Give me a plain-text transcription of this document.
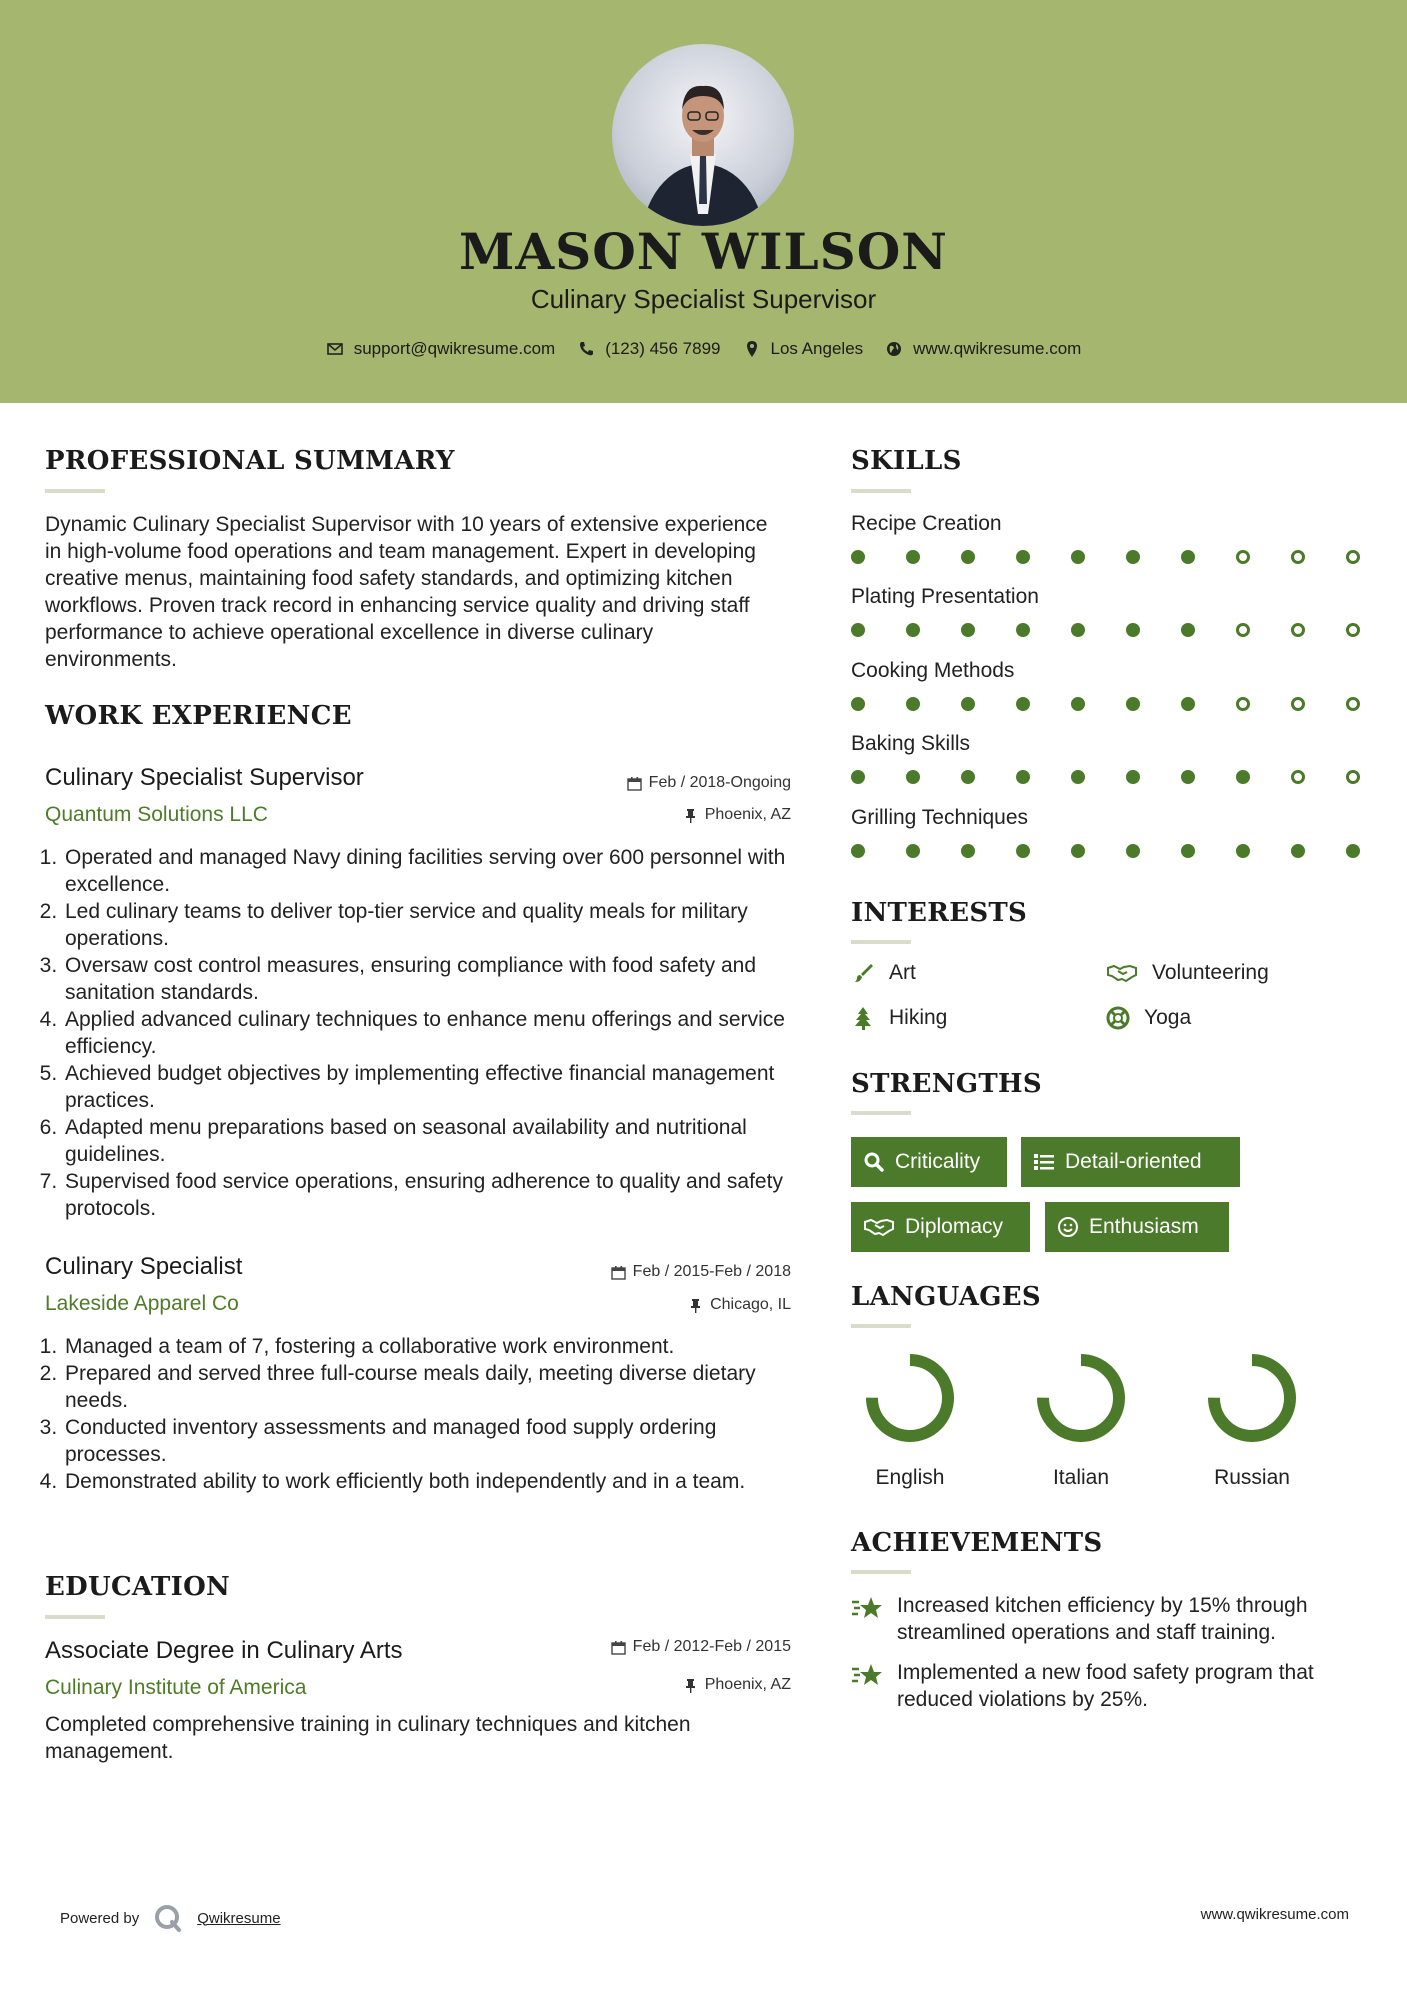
MASON WILSON
Culinary Specialist Supervisor
support@qwikresume.com	(123) 456 7899	Los Angeles	www.qwikresume.com
PROFESSIONAL SUMMARY
Dynamic Culinary Specialist Supervisor with 10 years of extensive experience in high-volume food operations and team management. Expert in developing creative menus, maintaining food safety standards, and optimizing kitchen workflows. Proven track record in enhancing service quality and driving staff performance to achieve operational excellence in diverse culinary environments.
WORK EXPERIENCE
Culinary Specialist Supervisor
Quantum Solutions LLC
Feb / 2018-Ongoing
Phoenix, AZ
1. Operated and managed Navy dining facilities serving over 600 personnel with excellence.
2. Led culinary teams to deliver top-tier service and quality meals for military operations.
3. Oversaw cost control measures, ensuring compliance with food safety and sanitation standards.
4. Applied advanced culinary techniques to enhance menu offerings and service efficiency.
5. Achieved budget objectives by implementing effective financial management practices.
6. Adapted menu preparations based on seasonal availability and nutritional guidelines.
7. Supervised food service operations, ensuring adherence to quality and safety protocols.
Culinary Specialist
Lakeside Apparel Co
Feb / 2015-Feb / 2018
Chicago, IL
1. Managed a team of 7, fostering a collaborative work environment.
2. Prepared and served three full-course meals daily, meeting diverse dietary needs.
3. Conducted inventory assessments and managed food supply ordering processes.
4. Demonstrated ability to work efficiently both independently and in a team.
EDUCATION
Associate Degree in Culinary Arts
Culinary Institute of America
Feb / 2012-Feb / 2015
Phoenix, AZ
Completed comprehensive training in culinary techniques and kitchen management.
SKILLS
Recipe Creation
Plating Presentation
Cooking Methods
Baking Skills
Grilling Techniques
INTERESTS
Art	Volunteering
Hiking	Yoga
STRENGTHS
Criticality	Detail-oriented
Diplomacy	Enthusiasm
LANGUAGES
English	Italian	Russian
ACHIEVEMENTS
Increased kitchen efficiency by 15% through streamlined operations and staff training.
Implemented a new food safety program that reduced violations by 25%.
Powered by	Qwikresume	www.qwikresume.com
